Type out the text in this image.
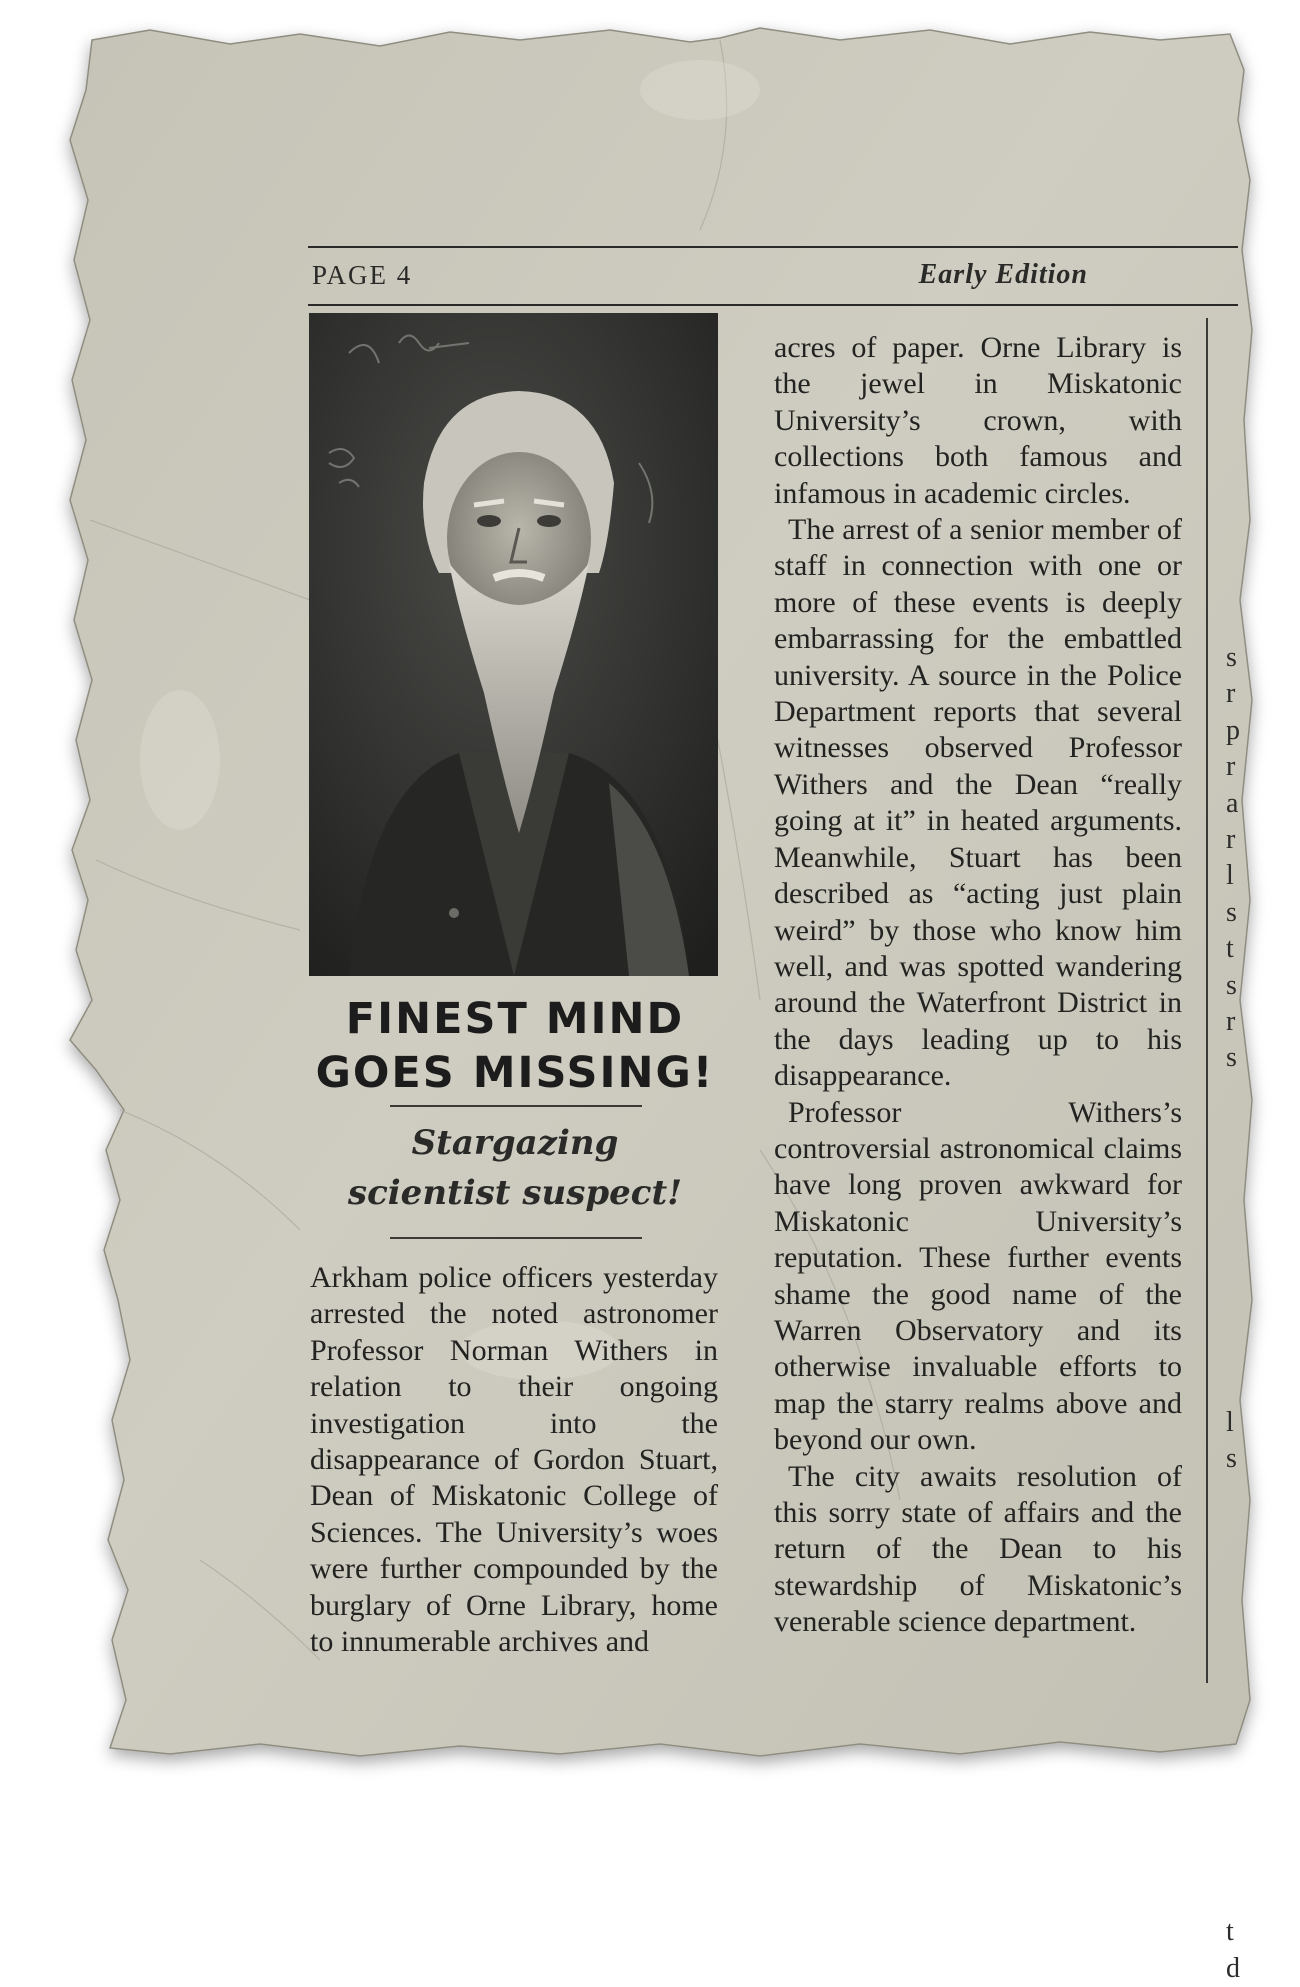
PAGE 4	Early Edition
FINEST MIND
GOES MISSING!
Stargazing
scientist suspect!

Arkham police officers yesterday arrested the noted astronomer Professor Norman Withers in relation to their ongoing investigation into the disappearance of Gordon Stuart, Dean of Miskatonic College of Sciences. The University’s woes were further compounded by the burglary of Orne Library, home to innumerable archives and

acres of paper. Orne Library is the jewel in Miskatonic University’s crown, with collections both famous and infamous in academic circles.

The arrest of a senior member of staff in connection with one or more of these events is deeply embarrassing for the embattled university. A source in the Police Department reports that several witnesses observed Professor Withers and the Dean “really going at it” in heated arguments. Meanwhile, Stuart has been described as “acting just plain weird” by those who know him well, and was spotted wandering around the Waterfront District in the days leading up to his disappearance.

Professor Withers’s controversial astronomical claims have long proven awkward for Miskatonic University’s reputation. These further events shame the good name of the Warren Observatory and its otherwise invaluable efforts to map the starry realms above and beyond our own.

The city awaits resolution of this sorry state of affairs and the return of the Dean to his stewardship of Miskatonic’s venerable science department.

s
r
p
r
a
r
l
s
t
s
r
s

l
s

t
d
